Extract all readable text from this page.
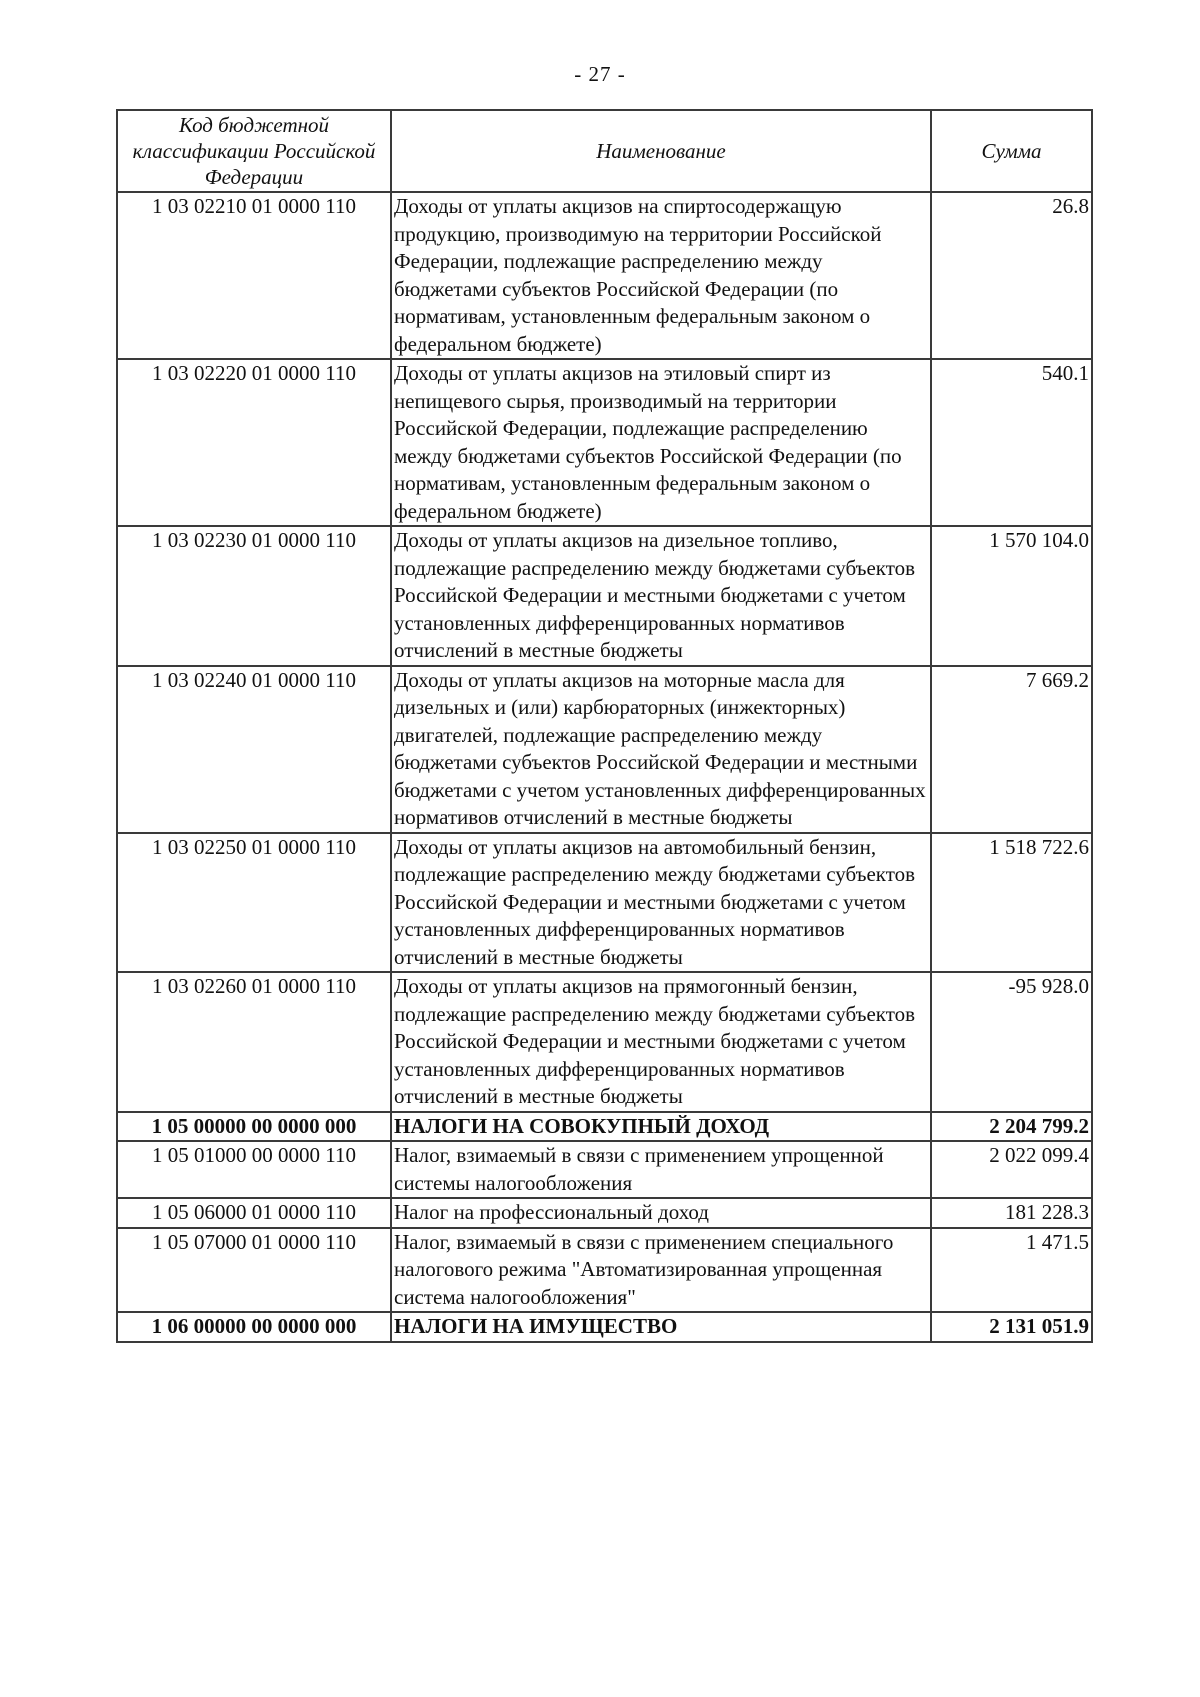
- 27 -
Код бюджетной классификации Российской Федерации	Наименование	Сумма
1 03 02210 01 0000 110	Доходы от уплаты акцизов на спиртосодержащую продукцию, производимую на территории Российской Федерации, подлежащие распределению между бюджетами субъектов Российской Федерации (по нормативам, установленным федеральным законом о федеральном бюджете)	26.8
1 03 02220 01 0000 110	Доходы от уплаты акцизов на этиловый спирт из непищевого сырья, производимый на территории Российской Федерации, подлежащие распределению между бюджетами субъектов Российской Федерации (по нормативам, установленным федеральным законом о федеральном бюджете)	540.1
1 03 02230 01 0000 110	Доходы от уплаты акцизов на дизельное топливо, подлежащие распределению между бюджетами субъектов Российской Федерации и местными бюджетами с учетом установленных дифференцированных нормативов отчислений в местные бюджеты	1 570 104.0
1 03 02240 01 0000 110	Доходы от уплаты акцизов на моторные масла для дизельных и (или) карбюраторных (инжекторных) двигателей, подлежащие распределению между бюджетами субъектов Российской Федерации и местными бюджетами с учетом установленных дифференцированных нормативов отчислений в местные бюджеты	7 669.2
1 03 02250 01 0000 110	Доходы от уплаты акцизов на автомобильный бензин, подлежащие распределению между бюджетами субъектов Российской Федерации и местными бюджетами с учетом установленных дифференцированных нормативов отчислений в местные бюджеты	1 518 722.6
1 03 02260 01 0000 110	Доходы от уплаты акцизов на прямогонный бензин, подлежащие распределению между бюджетами субъектов Российской Федерации и местными бюджетами с учетом установленных дифференцированных нормативов отчислений в местные бюджеты	-95 928.0
1 05 00000 00 0000 000	НАЛОГИ НА СОВОКУПНЫЙ ДОХОД	2 204 799.2
1 05 01000 00 0000 110	Налог, взимаемый в связи с применением упрощенной системы налогообложения	2 022 099.4
1 05 06000 01 0000 110	Налог на профессиональный доход	181 228.3
1 05 07000 01 0000 110	Налог, взимаемый в связи с применением специального налогового режима "Автоматизированная упрощенная система налогообложения"	1 471.5
1 06 00000 00 0000 000	НАЛОГИ НА ИМУЩЕСТВО	2 131 051.9
